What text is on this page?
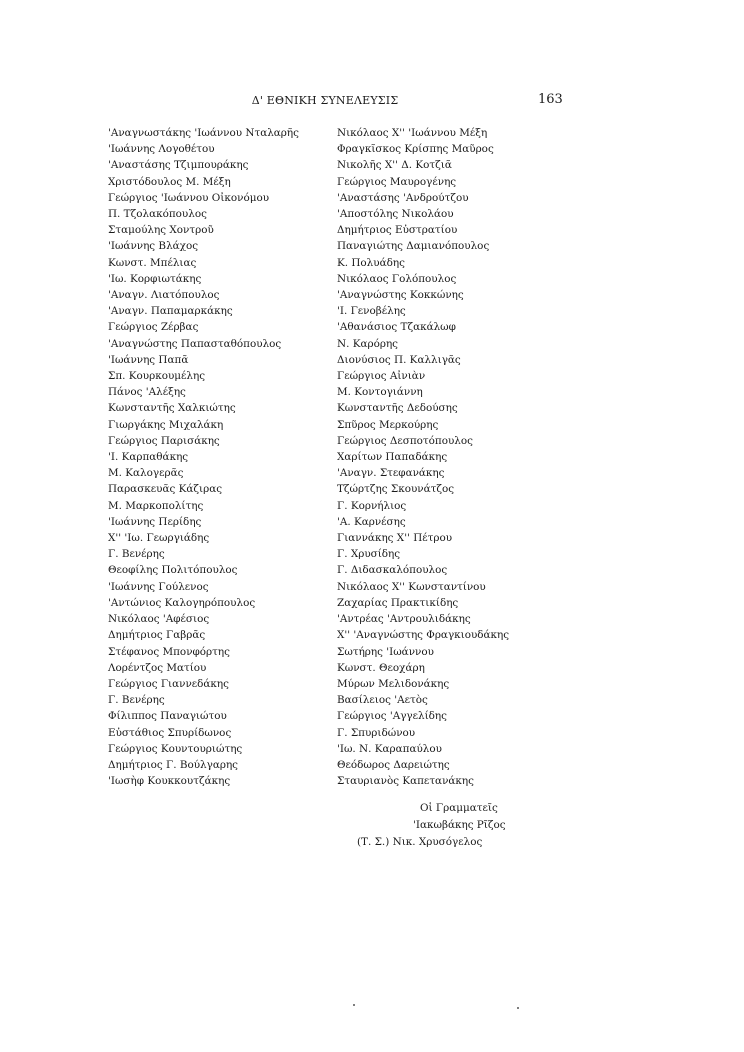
Δ' ΕΘΝΙΚΗ ΣΥΝΕΛΕΥΣΙΣ	163
'Αναγνωστάκης 'Ιωάννου Νταλαρῆς
'Ιωάννης Λογοθέτου
'Αναστάσης Τζιμπουράκης
Χριστόδουλος Μ. Μέξη
Γεώργιος 'Ιωάννου Οἰκονόμου
Π. Τζολακόπουλος
Σταμούλης Χοντροῦ
'Ιωάννης Βλάχος
Κωνστ. Μπέλιας
'Ιω. Κορφιωτάκης
'Αναγν. Λιατόπουλος
'Αναγν. Παπαμαρκάκης
Γεώργιος Ζέρβας
'Αναγνώστης Παπασταθόπουλος
'Ιωάννης Παπᾶ
Σπ. Κουρκουμέλης
Πάνος 'Αλέξης
Κωνσταντῆς Χαλκιώτης
Γιωργάκης Μιχαλάκη
Γεώργιος Παρισάκης
'Ι. Καρπαθάκης
Μ. Καλογερᾶς
Παρασκευᾶς Κάζιρας
Μ. Μαρκοπολίτης
'Ιωάννης Περίδης
Χ'' 'Ιω. Γεωργιάδης
Γ. Βενέρης
Θεοφίλης Πολιτόπουλος
'Ιωάννης Γούλενος
'Αντώνιος Καλογηρόπουλος
Νικόλαος 'Αφέσιος
Δημήτριος Γαβρᾶς
Στέφανος Μπονφόρτης
Λορέντζος Ματίου
Γεώργιος Γιαννεδάκης
Γ. Βενέρης
Φίλιππος Παναγιώτου
Εὐστάθιος Σπυρίδωνος
Γεώργιος Κουντουριώτης
Δημήτριος Γ. Βούλγαρης
'Ιωσὴφ Κουκκουτζάκης
Νικόλαος Χ'' 'Ιωάννου Μέξη
Φραγκῖσκος Κρίσπης Μαῦρος
Νικολῆς Χ'' Δ. Κοτζιᾶ
Γεώργιος Μαυρογένης
'Αναστάσης 'Ανδρούτζου
'Αποστόλης Νικολάου
Δημήτριος Εὐστρατίου
Παναγιώτης Δαμιανόπουλος
Κ. Πολυάδης
Νικόλαος Γολόπουλος
'Αναγνώστης Κοκκώνης
'Ι. Γενοβέλης
'Αθανάσιος Τζακάλωφ
Ν. Καρόρης
Διονύσιος Π. Καλλιγᾶς
Γεώργιος Αἰνιὰν
Μ. Κοντογιάννη
Κωνσταντῆς Δεδούσης
Σπῦρος Μερκούρης
Γεώργιος Δεσποτόπουλος
Χαρίτων Παπαδάκης
'Αναγν. Στεφανάκης
Τζώρτζης Σκουνάτζος
Γ. Κορνήλιος
'Α. Καρνέσης
Γιαννάκης Χ'' Πέτρου
Γ. Χρυσίδης
Γ. Διδασκαλόπουλος
Νικόλαος Χ'' Κωνσταντίνου
Ζαχαρίας Πρακτικίδης
'Αντρέας 'Αντρουλιδάκης
Χ'' 'Αναγνώστης Φραγκιουδάκης
Σωτήρης 'Ιωάννου
Κωνστ. Θεοχάρη
Μύρων Μελιδονάκης
Βασίλειος 'Αετὸς
Γεώργιος 'Αγγελίδης
Γ. Σπυριδώνου
'Ιω. Ν. Καραπαύλου
Θεόδωρος Δαρειώτης
Σταυριανὸς Καπετανάκης
Οἱ Γραμματεῖς
'Ιακωβάκης Ρῖζος
(Τ. Σ.) Νικ. Χρυσόγελος
